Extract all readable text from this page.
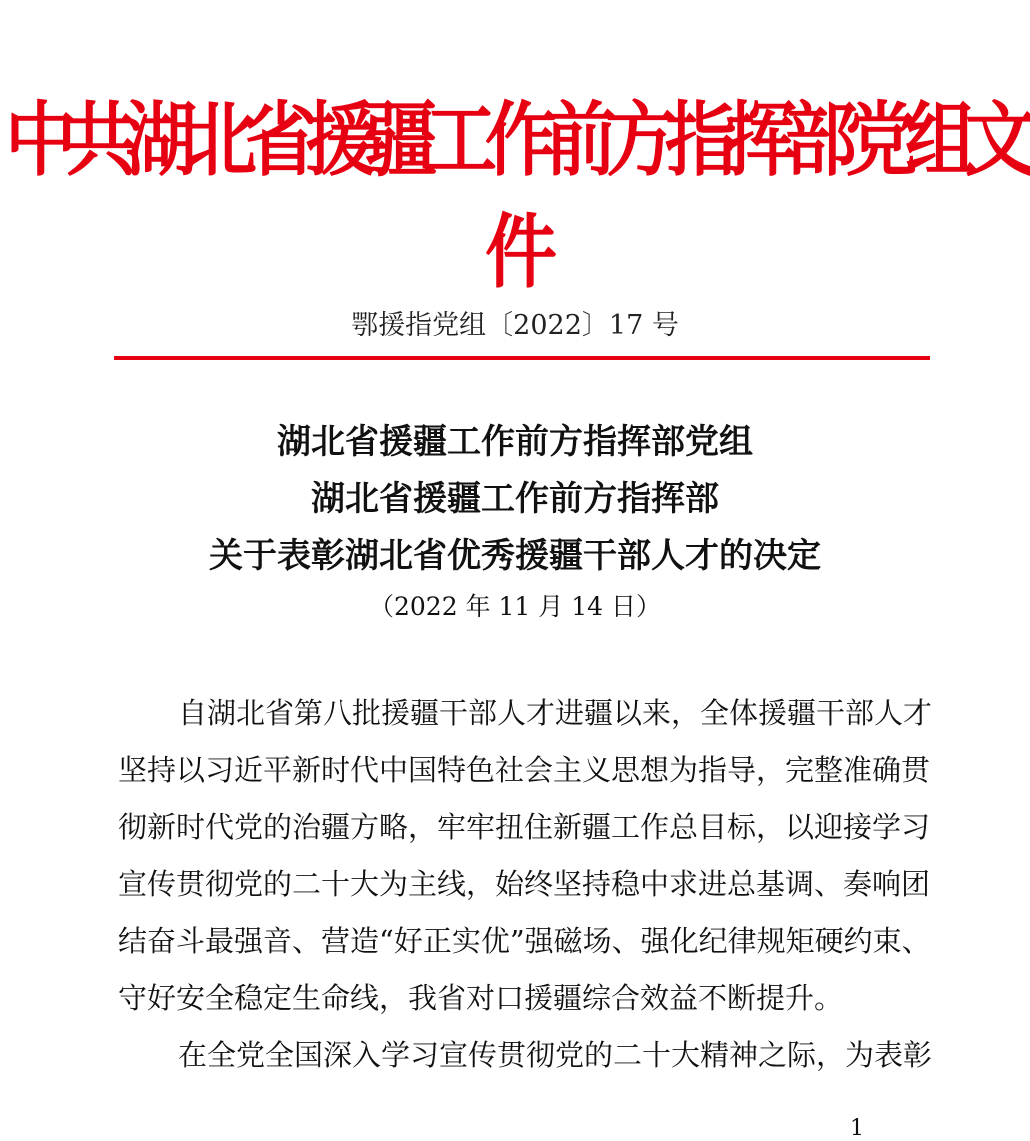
中共湖北省援疆工作前方指挥部党组文件
鄂援指党组〔2022〕17 号
湖北省援疆工作前方指挥部党组
湖北省援疆工作前方指挥部
关于表彰湖北省优秀援疆干部人才的决定
（2022 年 11 月 14 日）
自湖北省第八批援疆干部人才进疆以来，全体援疆干部人才
坚持以习近平新时代中国特色社会主义思想为指导，完整准确贯
彻新时代党的治疆方略，牢牢扭住新疆工作总目标，以迎接学习
宣传贯彻党的二十大为主线，始终坚持稳中求进总基调、奏响团
结奋斗最强音、营造“好正实优”强磁场、强化纪律规矩硬约束、
守好安全稳定生命线，我省对口援疆综合效益不断提升。
在全党全国深入学习宣传贯彻党的二十大精神之际，为表彰
1
